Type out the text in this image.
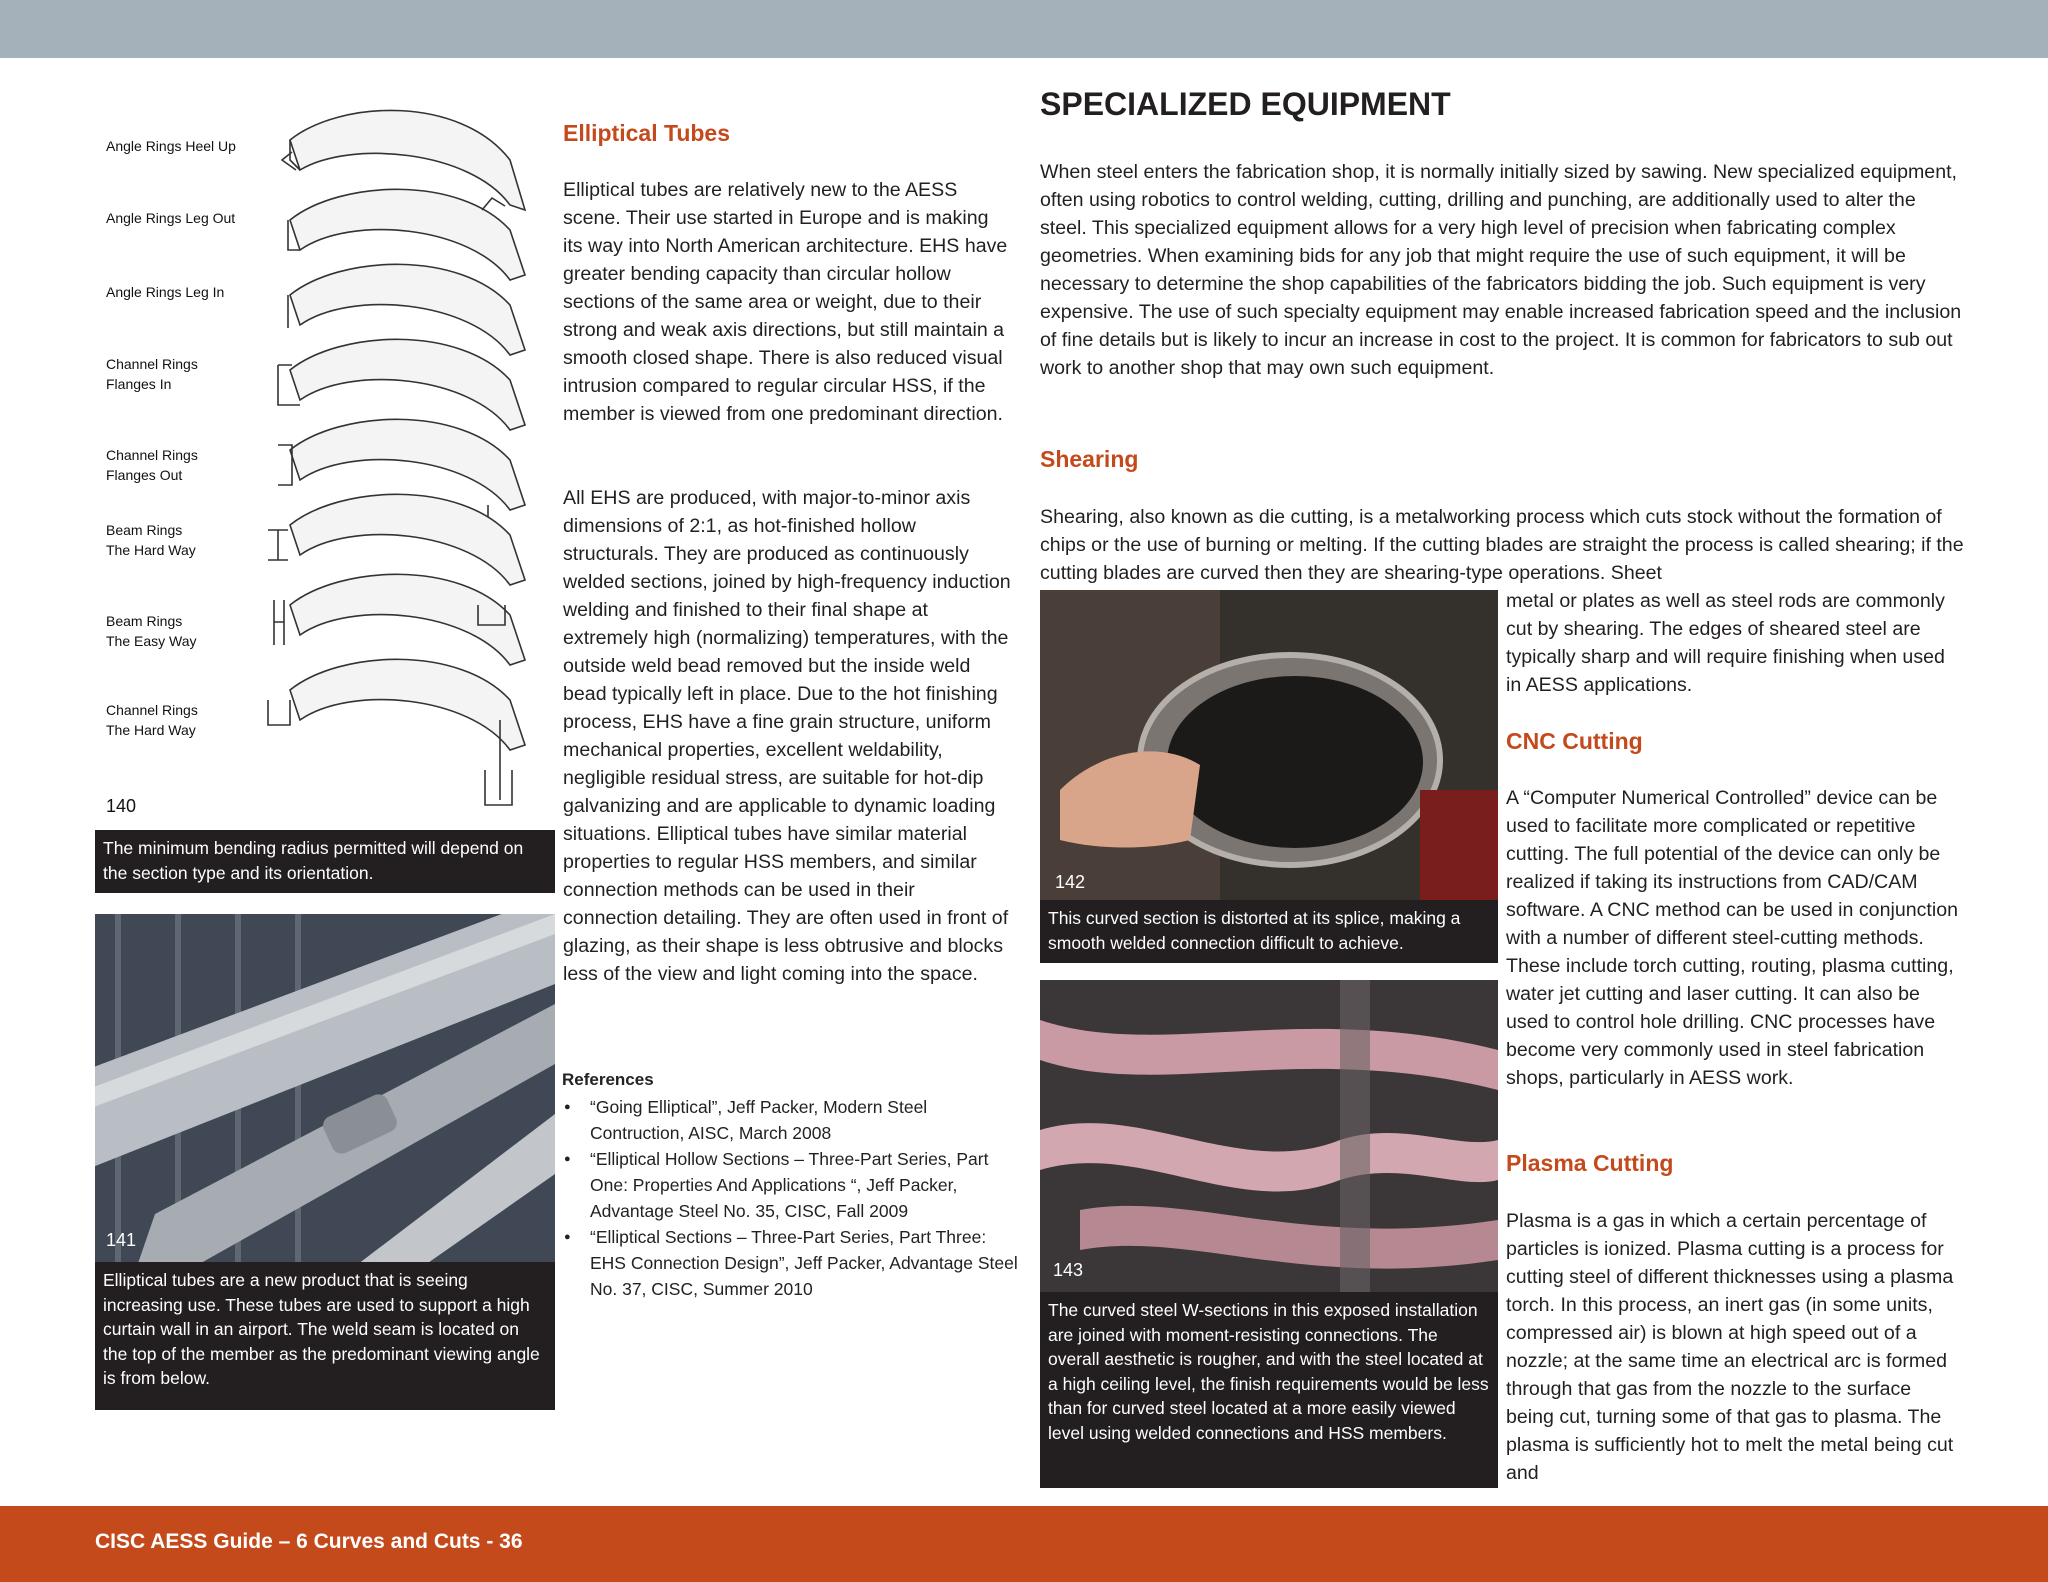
Angle Rings Heel Up
Angle Rings Leg Out
Angle Rings Leg In
Channel Rings
Flanges In
Channel Rings
Flanges Out
Beam Rings
The Hard Way
Beam Rings
The Easy Way
Channel Rings
The Hard Way
140
The minimum bending radius permitted will depend on the section type and its orientation.
141
Elliptical tubes are a new product that is seeing increasing use. These tubes are used to support a high curtain wall in an airport. The weld seam is located on the top of the member as the predominant viewing angle is from below.
Elliptical Tubes

Elliptical tubes are relatively new to the AESS scene. Their use started in Europe and is making its way into North American architecture. EHS have greater bending capacity than circular hollow sections of the same area or weight, due to their strong and weak axis directions, but still maintain a smooth closed shape. There is also reduced visual intrusion compared to regular circular HSS, if the member is viewed from one predominant direction.

All EHS are produced, with major-to-minor axis dimensions of 2:1, as hot-finished hollow structurals. They are produced as continuously welded sections, joined by high-frequency induction welding and finished to their final shape at extremely high (normalizing) temperatures, with the outside weld bead removed but the inside weld bead typically left in place. Due to the hot finishing process, EHS have a fine grain structure, uniform mechanical properties, excellent weldability, negligible residual stress, are suitable for hot-dip galvanizing and are applicable to dynamic loading situations. Elliptical tubes have similar material properties to regular HSS members, and similar connection methods can be used in their connection detailing. They are often used in front of glazing, as their shape is less obtrusive and blocks less of the view and light coming into the space.

References
● “Going Elliptical”, Jeff Packer, Modern Steel Contruction, AISC, March 2008
● “Elliptical Hollow Sections – Three-Part Series, Part One: Properties And Applications “, Jeff Packer, Advantage Steel No. 35, CISC, Fall 2009
● “Elliptical Sections – Three-Part Series, Part Three: EHS Connection Design”, Jeff Packer, Advantage Steel No. 37, CISC, Summer 2010
SPECIALIZED EQUIPMENT

When steel enters the fabrication shop, it is normally initially sized by sawing. New specialized equipment, often using robotics to control welding, cutting, drilling and punching, are additionally used to alter the steel. This specialized equipment allows for a very high level of precision when fabricating complex geometries. When examining bids for any job that might require the use of such equipment, it will be necessary to determine the shop capabilities of the fabricators bidding the job. Such equipment is very expensive. The use of such specialty equipment may enable increased fabrication speed and the inclusion of fine details but is likely to incur an increase in cost to the project. It is common for fabricators to sub out work to another shop that may own such equipment.

Shearing

Shearing, also known as die cutting, is a metalworking process which cuts stock without the formation of chips or the use of burning or melting. If the cutting blades are straight the process is called shearing; if the cutting blades are curved then they are shearing-type operations. Sheet

metal or plates as well as steel rods are commonly cut by shearing. The edges of sheared steel are typically sharp and will require finishing when used in AESS applications.

142
This curved section is distorted at its splice, making a smooth welded connection difficult to achieve.
143
The curved steel W-sections in this exposed installation are joined with moment-resisting connections. The overall aesthetic is rougher, and with the steel located at a high ceiling level, the finish requirements would be less than for curved steel located at a more easily viewed level using welded connections and HSS members.
CNC Cutting

A “Computer Numerical Controlled” device can be used to facilitate more complicated or repetitive cutting. The full potential of the device can only be realized if taking its instructions from CAD/CAM software. A CNC method can be used in conjunction with a number of different steel-cutting methods. These include torch cutting, routing, plasma cutting, water jet cutting and laser cutting. It can also be used to control hole drilling. CNC processes have become very commonly used in steel fabrication shops, particularly in AESS work.

Plasma Cutting

Plasma is a gas in which a certain percentage of particles is ionized. Plasma cutting is a process for cutting steel of different thicknesses using a plasma torch. In this process, an inert gas (in some units, compressed air) is blown at high speed out of a nozzle; at the same time an electrical arc is formed through that gas from the nozzle to the surface being cut, turning some of that gas to plasma. The plasma is sufficiently hot to melt the metal being cut and

CISC AESS Guide – 6 Curves and Cuts - 36
